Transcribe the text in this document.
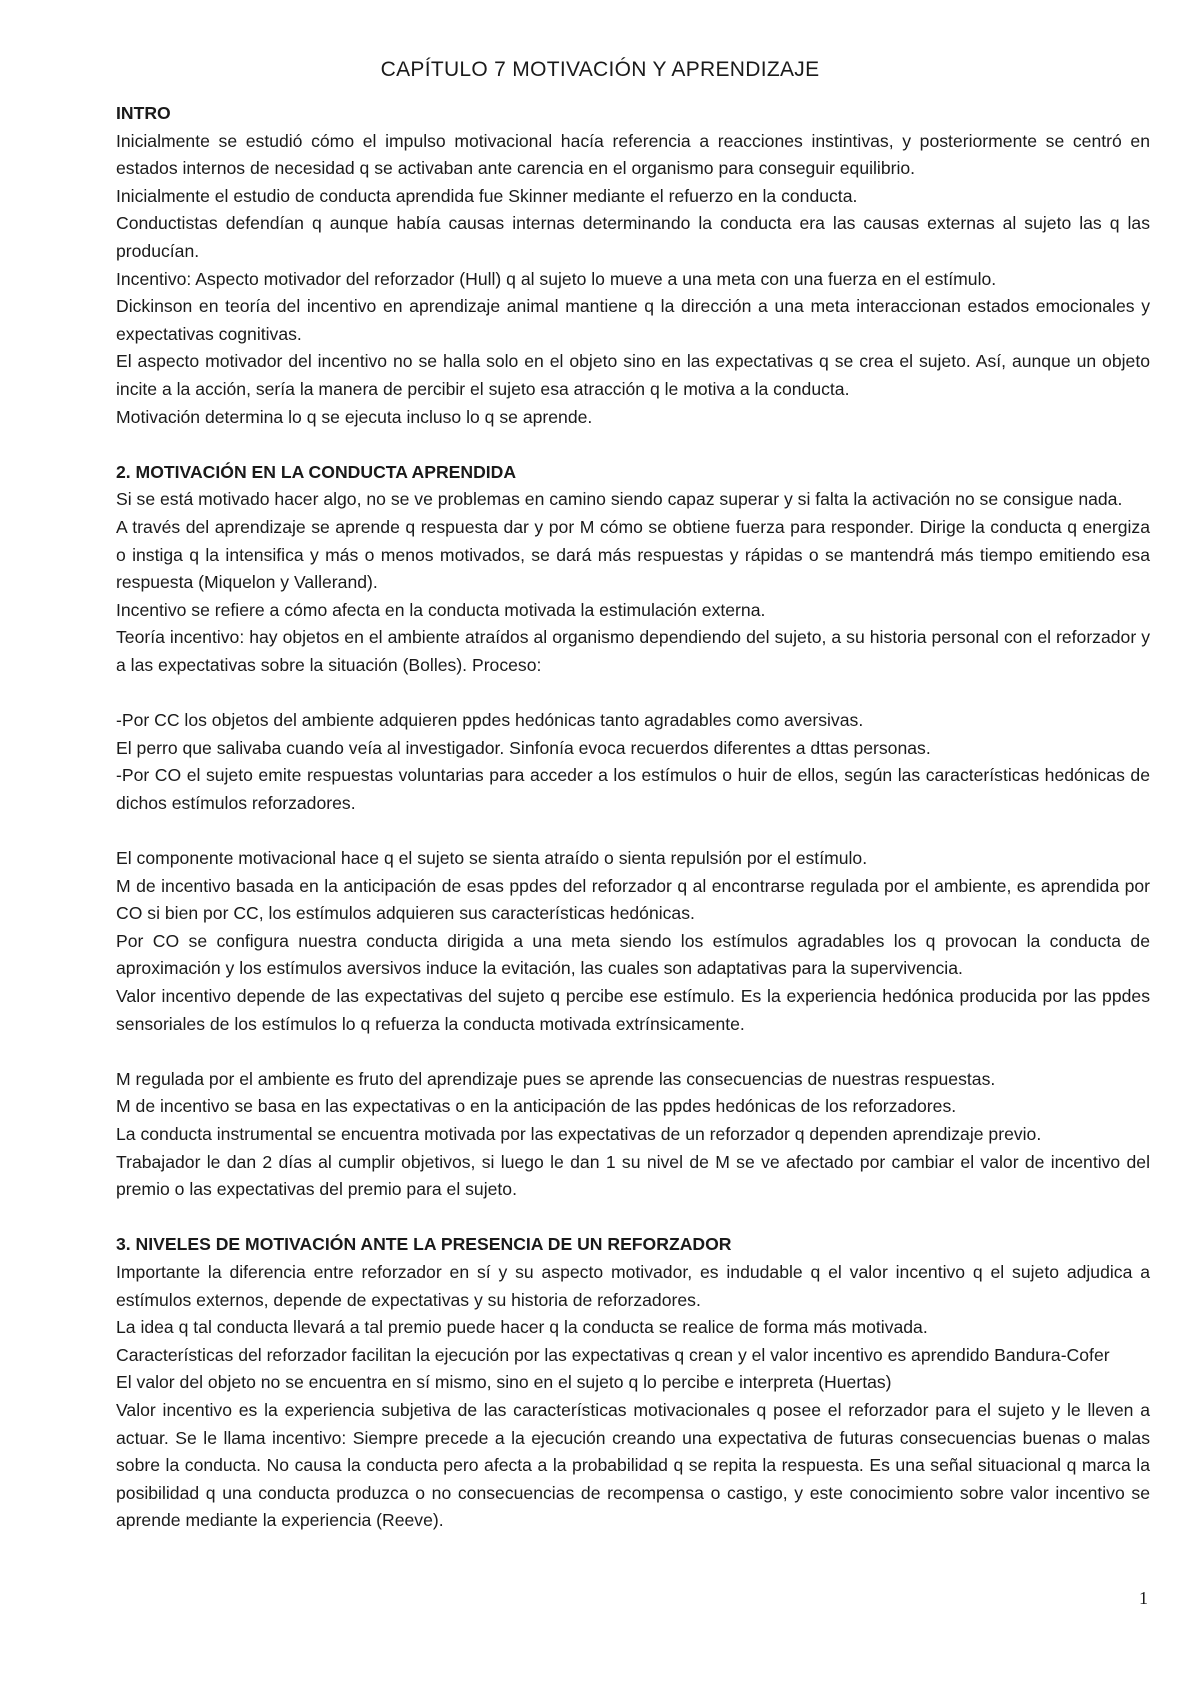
CAPÍTULO 7 MOTIVACIÓN Y APRENDIZAJE

INTRO

Inicialmente se estudió cómo el impulso motivacional hacía referencia a reacciones instintivas, y posteriormente se centró en estados internos de necesidad q se activaban ante carencia en el organismo para conseguir equilibrio.

Inicialmente el estudio de conducta aprendida fue Skinner mediante el refuerzo en la conducta.

Conductistas defendían q aunque había causas internas determinando la conducta era las causas externas al sujeto las q las producían.

Incentivo: Aspecto motivador del reforzador (Hull) q al sujeto lo mueve a una meta con una fuerza en el estímulo.

Dickinson en teoría del incentivo en aprendizaje animal mantiene q la dirección a una meta interaccionan estados emocionales y expectativas cognitivas.

El aspecto motivador del incentivo no se halla solo en el objeto sino en las expectativas q se crea el sujeto. Así, aunque un objeto incite a la acción, sería la manera de percibir el sujeto esa atracción q le motiva a la conducta.

Motivación determina lo q se ejecuta incluso lo q se aprende.

2. MOTIVACIÓN EN LA CONDUCTA APRENDIDA

Si se está motivado hacer algo, no se ve problemas en camino siendo capaz superar y si falta la activación no se consigue nada.

A través del aprendizaje se aprende q respuesta dar y por M cómo se obtiene fuerza para responder. Dirige la conducta q energiza o instiga q la intensifica y más o menos motivados, se dará más respuestas y rápidas o se mantendrá más tiempo emitiendo esa respuesta (Miquelon y Vallerand).

Incentivo se refiere a cómo afecta en la conducta motivada la estimulación externa.

Teoría incentivo: hay objetos en el ambiente atraídos al organismo dependiendo del sujeto, a su historia personal con el reforzador y a las expectativas sobre la situación (Bolles). Proceso:

-Por CC los objetos del ambiente adquieren ppdes hedónicas tanto agradables como aversivas.

El perro que salivaba cuando veía al investigador. Sinfonía evoca recuerdos diferentes a dttas personas.

-Por CO el sujeto emite respuestas voluntarias para acceder a los estímulos o huir de ellos, según las características hedónicas de dichos estímulos reforzadores.

El componente motivacional hace q el sujeto se sienta atraído o sienta repulsión por el estímulo.

M de incentivo basada en la anticipación de esas ppdes del reforzador q al encontrarse regulada por el ambiente, es aprendida por CO si bien por CC, los estímulos adquieren sus características hedónicas.

Por CO se configura nuestra conducta dirigida a una meta siendo los estímulos agradables los q provocan la conducta de aproximación y los estímulos aversivos induce la evitación, las cuales son adaptativas para la supervivencia.

Valor incentivo depende de las expectativas del sujeto q percibe ese estímulo. Es la experiencia hedónica producida por las ppdes sensoriales de los estímulos lo q refuerza la conducta motivada extrínsicamente.

M regulada por el ambiente es fruto del aprendizaje pues se aprende las consecuencias de nuestras respuestas.

M de incentivo se basa en las expectativas o en la anticipación de las ppdes hedónicas de los reforzadores.

La conducta instrumental se encuentra motivada por las expectativas de un reforzador q dependen aprendizaje previo.

Trabajador le dan 2 días al cumplir objetivos, si luego le dan 1 su nivel de M se ve afectado por cambiar el valor de incentivo del premio o las expectativas del premio para el sujeto.

3. NIVELES DE MOTIVACIÓN ANTE LA PRESENCIA DE UN REFORZADOR

Importante la diferencia entre reforzador en sí y su aspecto motivador, es indudable q el valor incentivo q el sujeto adjudica a estímulos externos, depende de expectativas y su historia de reforzadores.

La idea q tal conducta llevará a tal premio puede hacer q la conducta se realice de forma más motivada.

Características del reforzador facilitan la ejecución por las expectativas q crean y el valor incentivo es aprendido Bandura-Cofer

El valor del objeto no se encuentra en sí mismo, sino en el sujeto q lo percibe e interpreta (Huertas)

Valor incentivo es la experiencia subjetiva de las características motivacionales q posee el reforzador para el sujeto y le lleven a actuar. Se le llama incentivo: Siempre precede a la ejecución creando una expectativa de futuras consecuencias buenas o malas sobre la conducta. No causa la conducta pero afecta a la probabilidad q se repita la respuesta. Es una señal situacional q marca la posibilidad q una conducta produzca o no consecuencias de recompensa o castigo, y este conocimiento sobre valor incentivo se aprende mediante la experiencia (Reeve).

1
